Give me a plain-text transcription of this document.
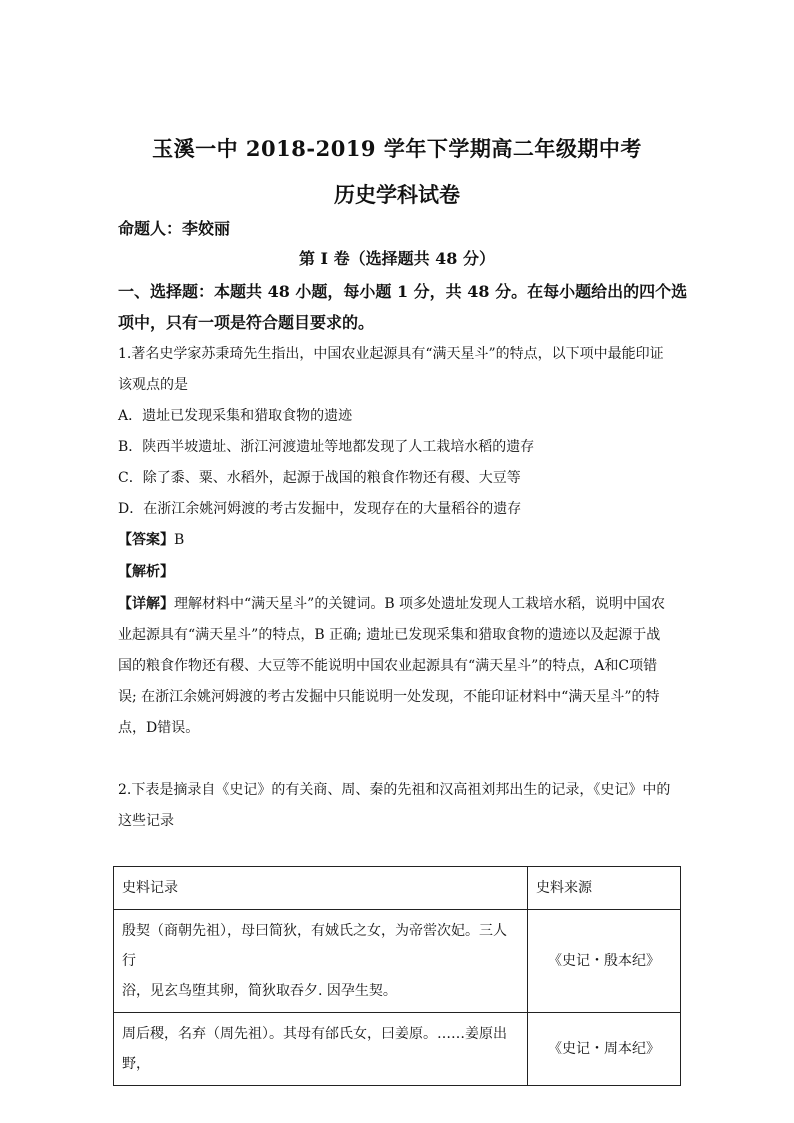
玉溪一中 2018-2019 学年下学期高二年级期中考
历史学科试卷
命题人：李姣丽
第 I 卷（选择题共 48 分）
一、选择题：本题共 48 小题，每小题 1 分，共 48 分。在每小题给出的四个选
项中，只有一项是符合题目要求的。
1.著名史学家苏秉琦先生指出，中国农业起源具有“满天星斗”的特点，以下项中最能印证
该观点的是
A．遗址已发现采集和猎取食物的遗迹
B．陕西半坡遗址、浙江河渡遗址等地都发现了人工栽培水稻的遗存
C．除了黍、粟、水稻外，起源于战国的粮食作物还有稷、大豆等
D．在浙江余姚河姆渡的考古发掘中，发现存在的大量稻谷的遗存
【答案】B
【解析】
【详解】理解材料中“满天星斗”的关键词。B 项多处遗址发现人工栽培水稻，说明中国农
业起源具有“满天星斗”的特点，B 正确; 遗址已发现采集和猎取食物的遗迹以及起源于战
国的粮食作物还有稷、大豆等不能说明中国农业起源具有“满天星斗”的特点，A和C项错
误; 在浙江余姚河姆渡的考古发掘中只能说明一处发现，不能印证材料中“满天星斗”的特
点，D错误。
2.下表是摘录自《史记》的有关商、周、秦的先祖和汉高祖刘邦出生的记录，《史记》中的
这些记录
史料记录	史料来源

殷契（商朝先祖），母曰简狄，有娀氏之女，为帝喾次妃。三人行
浴，见玄鸟堕其卵，简狄取吞夕. 因孕生契。	《史记・殷本纪》

周后稷，名弃（周先祖）。其母有邰氏女，曰姜原。……姜原出野，	《史记・周本纪》
